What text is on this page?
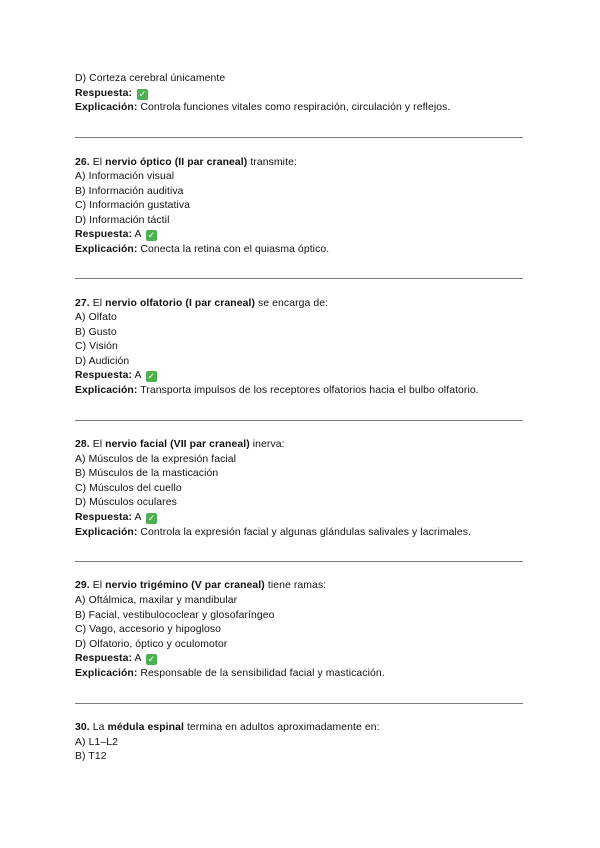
D) Corteza cerebral únicamente
Respuesta: ✓
Explicación: Controla funciones vitales como respiración, circulación y reflejos.
26. El nervio óptico (II par craneal) transmite:
A) Información visual
B) Información auditiva
C) Información gustativa
D) Información táctil
Respuesta: A ✓
Explicación: Conecta la retina con el quiasma óptico.
27. El nervio olfatorio (I par craneal) se encarga de:
A) Olfato
B) Gusto
C) Visión
D) Audición
Respuesta: A ✓
Explicación: Transporta impulsos de los receptores olfatorios hacia el bulbo olfatorio.
28. El nervio facial (VII par craneal) inerva:
A) Músculos de la expresión facial
B) Músculos de la masticación
C) Músculos del cuello
D) Músculos oculares
Respuesta: A ✓
Explicación: Controla la expresión facial y algunas glándulas salivales y lacrimales.
29. El nervio trigémino (V par craneal) tiene ramas:
A) Oftálmica, maxilar y mandibular
B) Facial, vestibulococlear y glosofaríngeo
C) Vago, accesorio y hipogloso
D) Olfatorio, óptico y oculomotor
Respuesta: A ✓
Explicación: Responsable de la sensibilidad facial y masticación.
30. La médula espinal termina en adultos aproximadamente en:
A) L1–L2
B) T12
